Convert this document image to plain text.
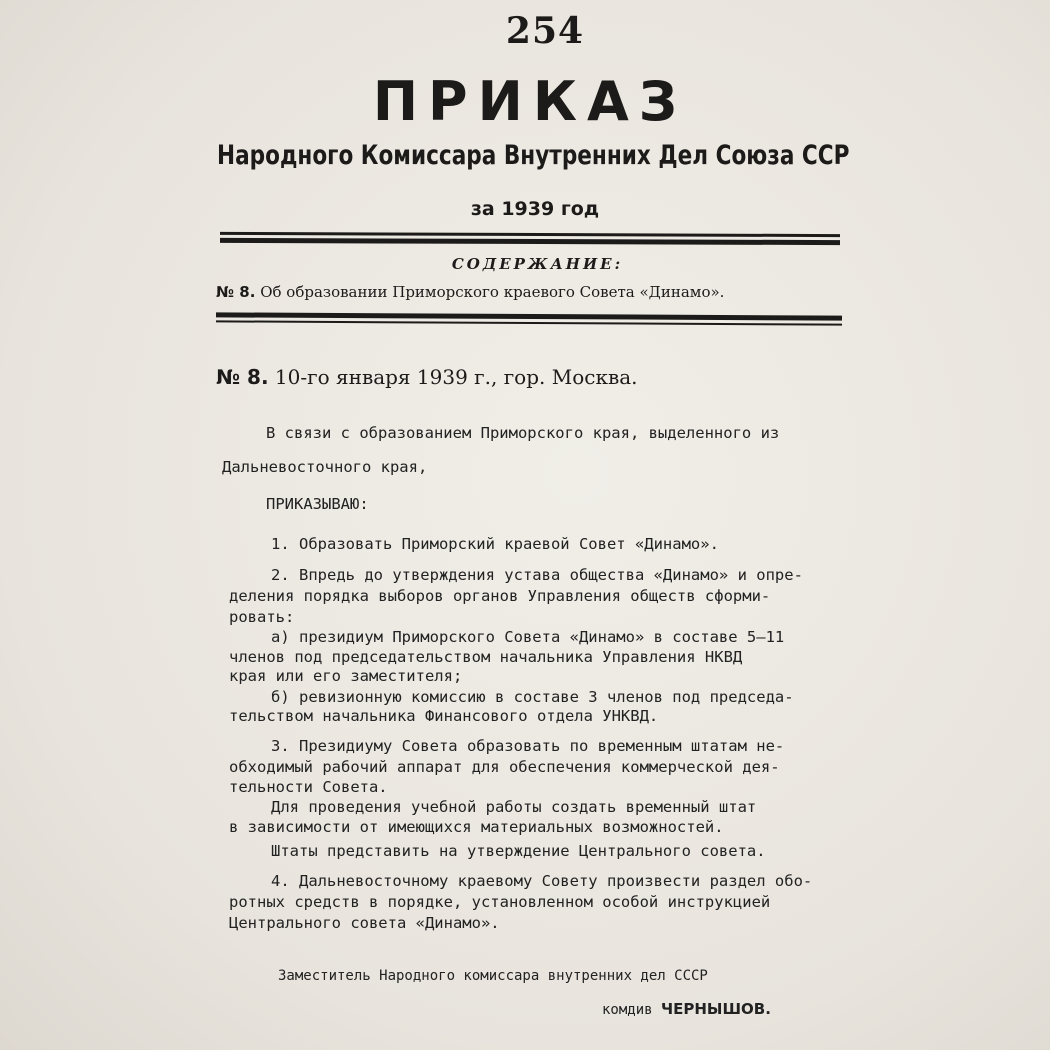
254
ПРИКАЗ
Народного Комиссара Внутренних Дел Союза ССР
за 1939 год
СОДЕРЖАНИЕ:
№ 8. Об образовании Приморского краевого Совета «Динамо».
№ 8. 10-го января 1939 г., гор. Москва.
В связи с образованием Приморского края, выделенного из
Дальневосточного края,
ПРИКАЗЫВАЮ:
1. Образовать Приморский краевой Совет «Динамо».
2. Впредь до утверждения устава общества «Динамо» и опре-
деления порядка выборов органов Управления обществ сформи-
ровать:
а) президиум Приморского Совета «Динамо» в составе 5—11
членов под председательством начальника Управления НКВД
края или его заместителя;
б) ревизионную комиссию в составе 3 членов под председа-
тельством начальника Финансового отдела УНКВД.
3. Президиуму Совета образовать по временным штатам не-
обходимый рабочий аппарат для обеспечения коммерческой дея-
тельности Совета.
Для проведения учебной работы создать временный штат
в зависимости от имеющихся материальных возможностей.
Штаты представить на утверждение Центрального совета.
4. Дальневосточному краевому Совету произвести раздел обо-
ротных средств в порядке, установленном особой инструкцией
Центрального совета «Динамо».
Заместитель Народного комиссара внутренних дел СССР
комдив ЧЕРНЫШОВ.
